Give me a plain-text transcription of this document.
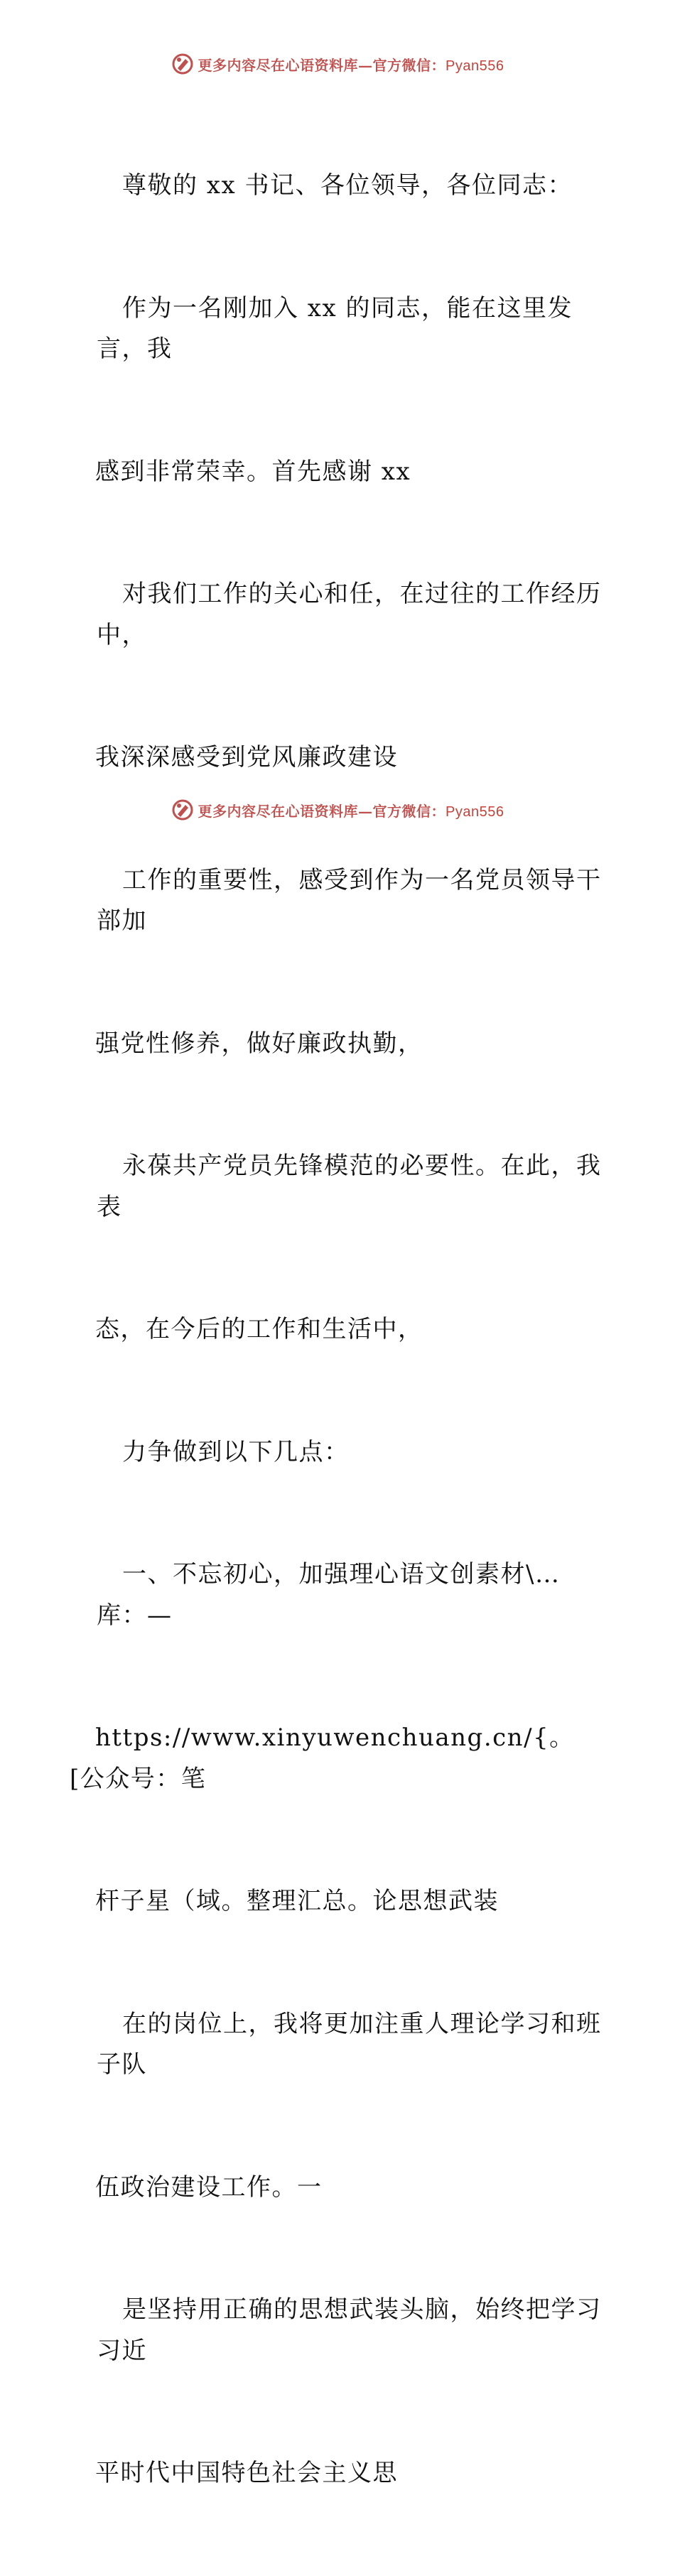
更多内容尽在心语资料库—官方微信：Pyan556

尊敬的 xx 书记、各位领导，各位同志：

作为一名刚加入 xx 的同志，能在这里发言，我

感到非常荣幸。首先感谢 xx

对我们工作的关心和任，在过往的工作经历中，

我深深感受到党风廉政建设

工作的重要性，感受到作为一名党员领导干部加

强党性修养，做好廉政执勤，

永葆共产党员先锋模范的必要性。在此，我表

态，在今后的工作和生活中，

力争做到以下几点：

一、不忘初心，加强理心语文创素材\…库：—

https://www.xinyuwenchuang.cn/{。[公众号：笔

杆子星（域。整理汇总。论思想武装

在的岗位上，我将更加注重人理论学习和班子队

伍政治建设工作。一

是坚持用正确的思想武装头脑，始终把学习习近

平时代中国特色社会主义思

更多内容尽在心语资料库—官方微信：Pyan556
